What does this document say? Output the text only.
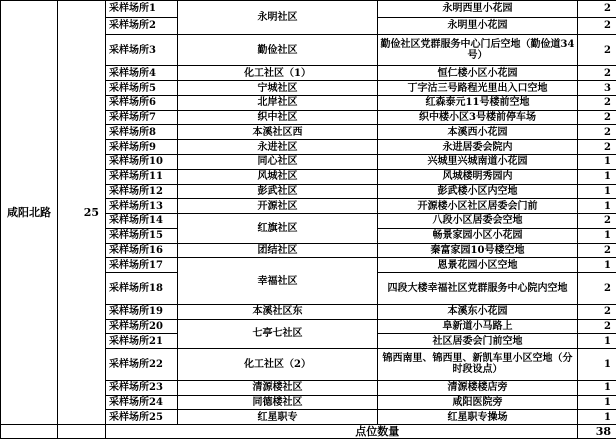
咸阳北路	25	采样场所1	永明社区	永明西里小花园	2
		采样场所2		永明里小花园	2
		采样场所3	勤俭社区	勤俭社区党群服务中心门后空地（勤俭道34号）	2
		采样场所4	化工社区（1）	恒仁楼小区小花园	2
		采样场所5	宁城社区	丁字沽三号路程光里出入口空地	3
		采样场所6	北岸社区	红森泰元11号楼前空地	2
		采样场所7	织中社区	织中楼小区3号楼前停车场	2
		采样场所8	本溪社区西	本溪西小花园	2
		采样场所9	永进社区	永进居委会院内	2
		采样场所10	同心社区	兴城里兴城南道小花园	1
		采样场所11	风城社区	风城楼明秀园内	1
		采样场所12	彭武社区	彭武楼小区内空地	1
		采样场所13	开源社区	开源楼小区社区居委会门前	1
		采样场所14	红旗社区	八段小区居委会空地	2
		采样场所15		畅景家园小区小花园	1
		采样场所16	团结社区	秦富家园10号楼空地	2
		采样场所17	幸福社区	恩景花园小区空地	1
		采样场所18		四段大楼幸福社区党群服务中心院内空地	2
		采样场所19	本溪社区东	本溪东小花园	2
		采样场所20	七亭七社区	阜新道小马路上	2
		采样场所21		社区居委会门前空地	1
		采样场所22	化工社区（2）	锦西南里、锦西里、新凯车里小区空地（分时段设点）	1
		采样场所23	清源楼社区	清源楼楼店旁	1
		采样场所24	同德楼社区	咸阳医院旁	1
		采样场所25	红星职专	红星职专操场	1
			点位数量		38
